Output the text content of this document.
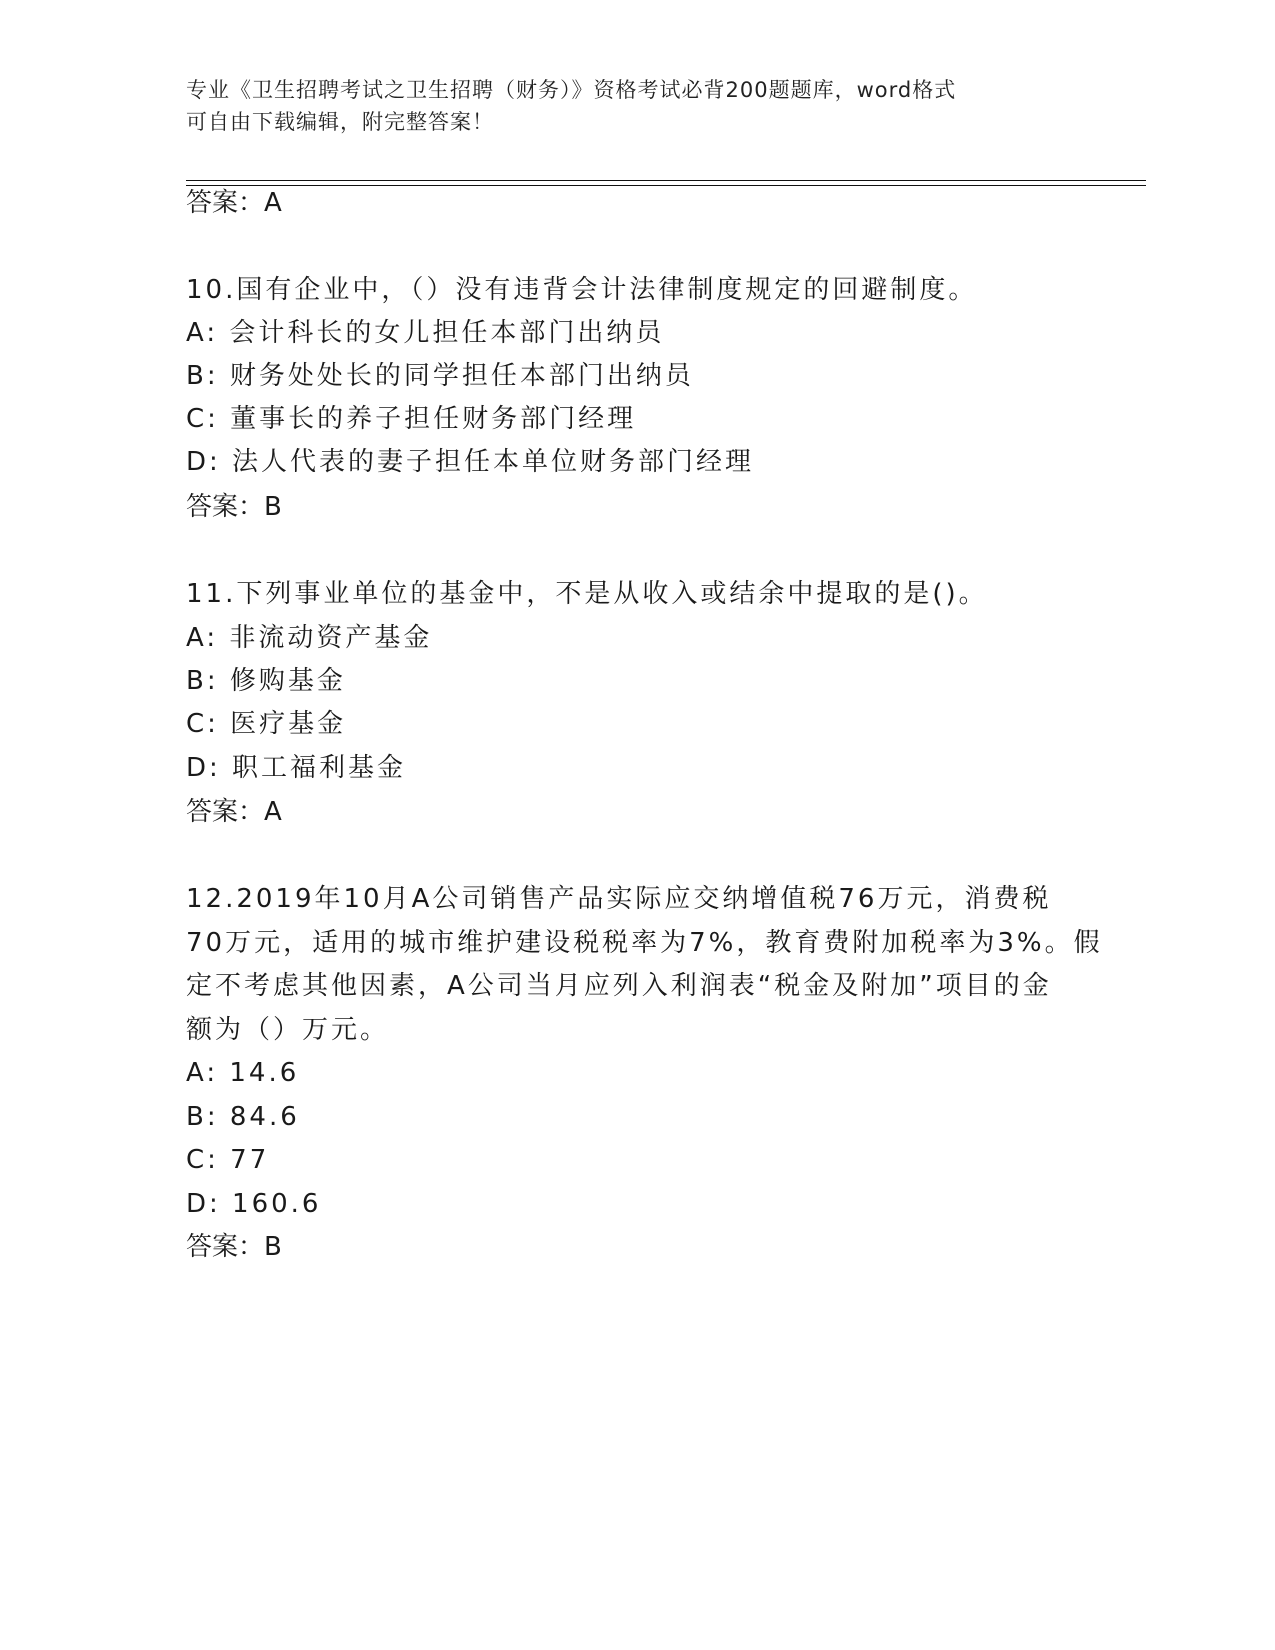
专业《卫生招聘考试之卫生招聘（财务）》资格考试必背200题题库，word格式
可自由下载编辑，附完整答案！
答案：A
10.国有企业中，（）没有违背会计法律制度规定的回避制度。
A: 会计科长的女儿担任本部门出纳员
B: 财务处处长的同学担任本部门出纳员
C: 董事长的养子担任财务部门经理
D: 法人代表的妻子担任本单位财务部门经理
答案：B
11.下列事业单位的基金中，不是从收入或结余中提取的是()。
A: 非流动资产基金
B: 修购基金
C: 医疗基金
D: 职工福利基金
答案：A
12.2019年10月A公司销售产品实际应交纳增值税76万元，消费税
70万元，适用的城市维护建设税税率为7%，教育费附加税率为3%。假
定不考虑其他因素，A公司当月应列入利润表“税金及附加”项目的金
额为（）万元。
A: 14.6
B: 84.6
C: 77
D: 160.6
答案：B
